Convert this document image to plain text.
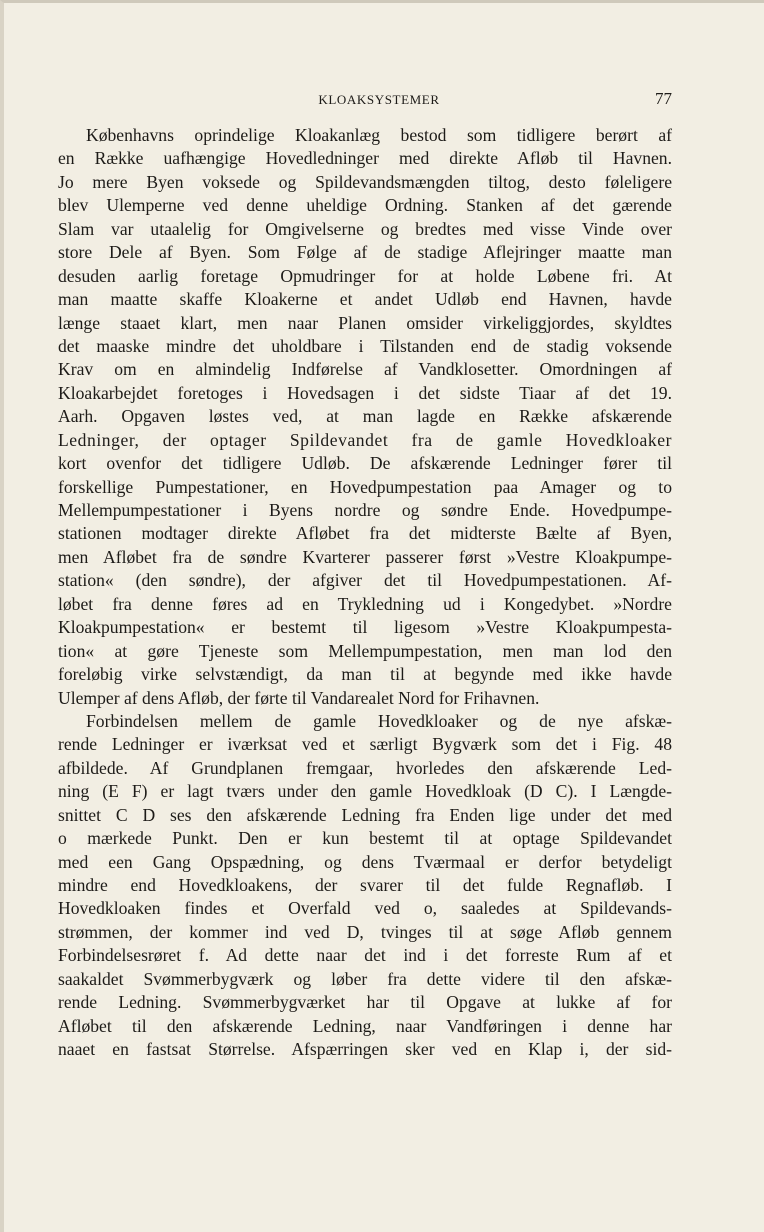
KLOAKSYSTEMER	77
Københavns oprindelige Kloakanlæg bestod som tidligere berørt af
en Række uafhængige Hovedledninger med direkte Afløb til Havnen.
Jo mere Byen voksede og Spildevandsmængden tiltog, desto føleligere
blev Ulemperne ved denne uheldige Ordning. Stanken af det gærende
Slam var utaalelig for Omgivelserne og bredtes med visse Vinde over
store Dele af Byen. Som Følge af de stadige Aflejringer maatte man
desuden aarlig foretage Opmudringer for at holde Løbene fri. At
man maatte skaffe Kloakerne et andet Udløb end Havnen, havde
længe staaet klart, men naar Planen omsider virkeliggjordes, skyldtes
det maaske mindre det uholdbare i Tilstanden end de stadig voksende
Krav om en almindelig Indførelse af Vandklosetter. Omordningen af
Kloakarbejdet foretoges i Hovedsagen i det sidste Tiaar af det 19.
Aarh. Opgaven løstes ved, at man lagde en Række afskærende
Ledninger, der optager Spildevandet fra de gamle Hovedkloaker
kort ovenfor det tidligere Udløb. De afskærende Ledninger fører til
forskellige Pumpestationer, en Hovedpumpestation paa Amager og to
Mellempumpestationer i Byens nordre og søndre Ende. Hovedpumpe-
stationen modtager direkte Afløbet fra det midterste Bælte af Byen,
men Afløbet fra de søndre Kvarterer passerer først »Vestre Kloakpumpe-
station« (den søndre), der afgiver det til Hovedpumpestationen. Af-
løbet fra denne føres ad en Trykledning ud i Kongedybet. »Nordre
Kloakpumpestation« er bestemt til ligesom »Vestre Kloakpumpesta-
tion« at gøre Tjeneste som Mellempumpestation, men man lod den
foreløbig virke selvstændigt, da man til at begynde med ikke havde
Ulemper af dens Afløb, der førte til Vandarealet Nord for Frihavnen.
Forbindelsen mellem de gamle Hovedkloaker og de nye afskæ-
rende Ledninger er iværksat ved et særligt Bygværk som det i Fig. 48
afbildede. Af Grundplanen fremgaar, hvorledes den afskærende Led-
ning (E F) er lagt tværs under den gamle Hovedkloak (D C). I Længde-
snittet C D ses den afskærende Ledning fra Enden lige under det med
o mærkede Punkt. Den er kun bestemt til at optage Spildevandet
med een Gang Opspædning, og dens Tværmaal er derfor betydeligt
mindre end Hovedkloakens, der svarer til det fulde Regnafløb. I
Hovedkloaken findes et Overfald ved o, saaledes at Spildevands-
strømmen, der kommer ind ved D, tvinges til at søge Afløb gennem
Forbindelsesrøret f. Ad dette naar det ind i det forreste Rum af et
saakaldet Svømmerbygværk og løber fra dette videre til den afskæ-
rende Ledning. Svømmerbygværket har til Opgave at lukke af for
Afløbet til den afskærende Ledning, naar Vandføringen i denne har
naaet en fastsat Størrelse. Afspærringen sker ved en Klap i, der sid-
